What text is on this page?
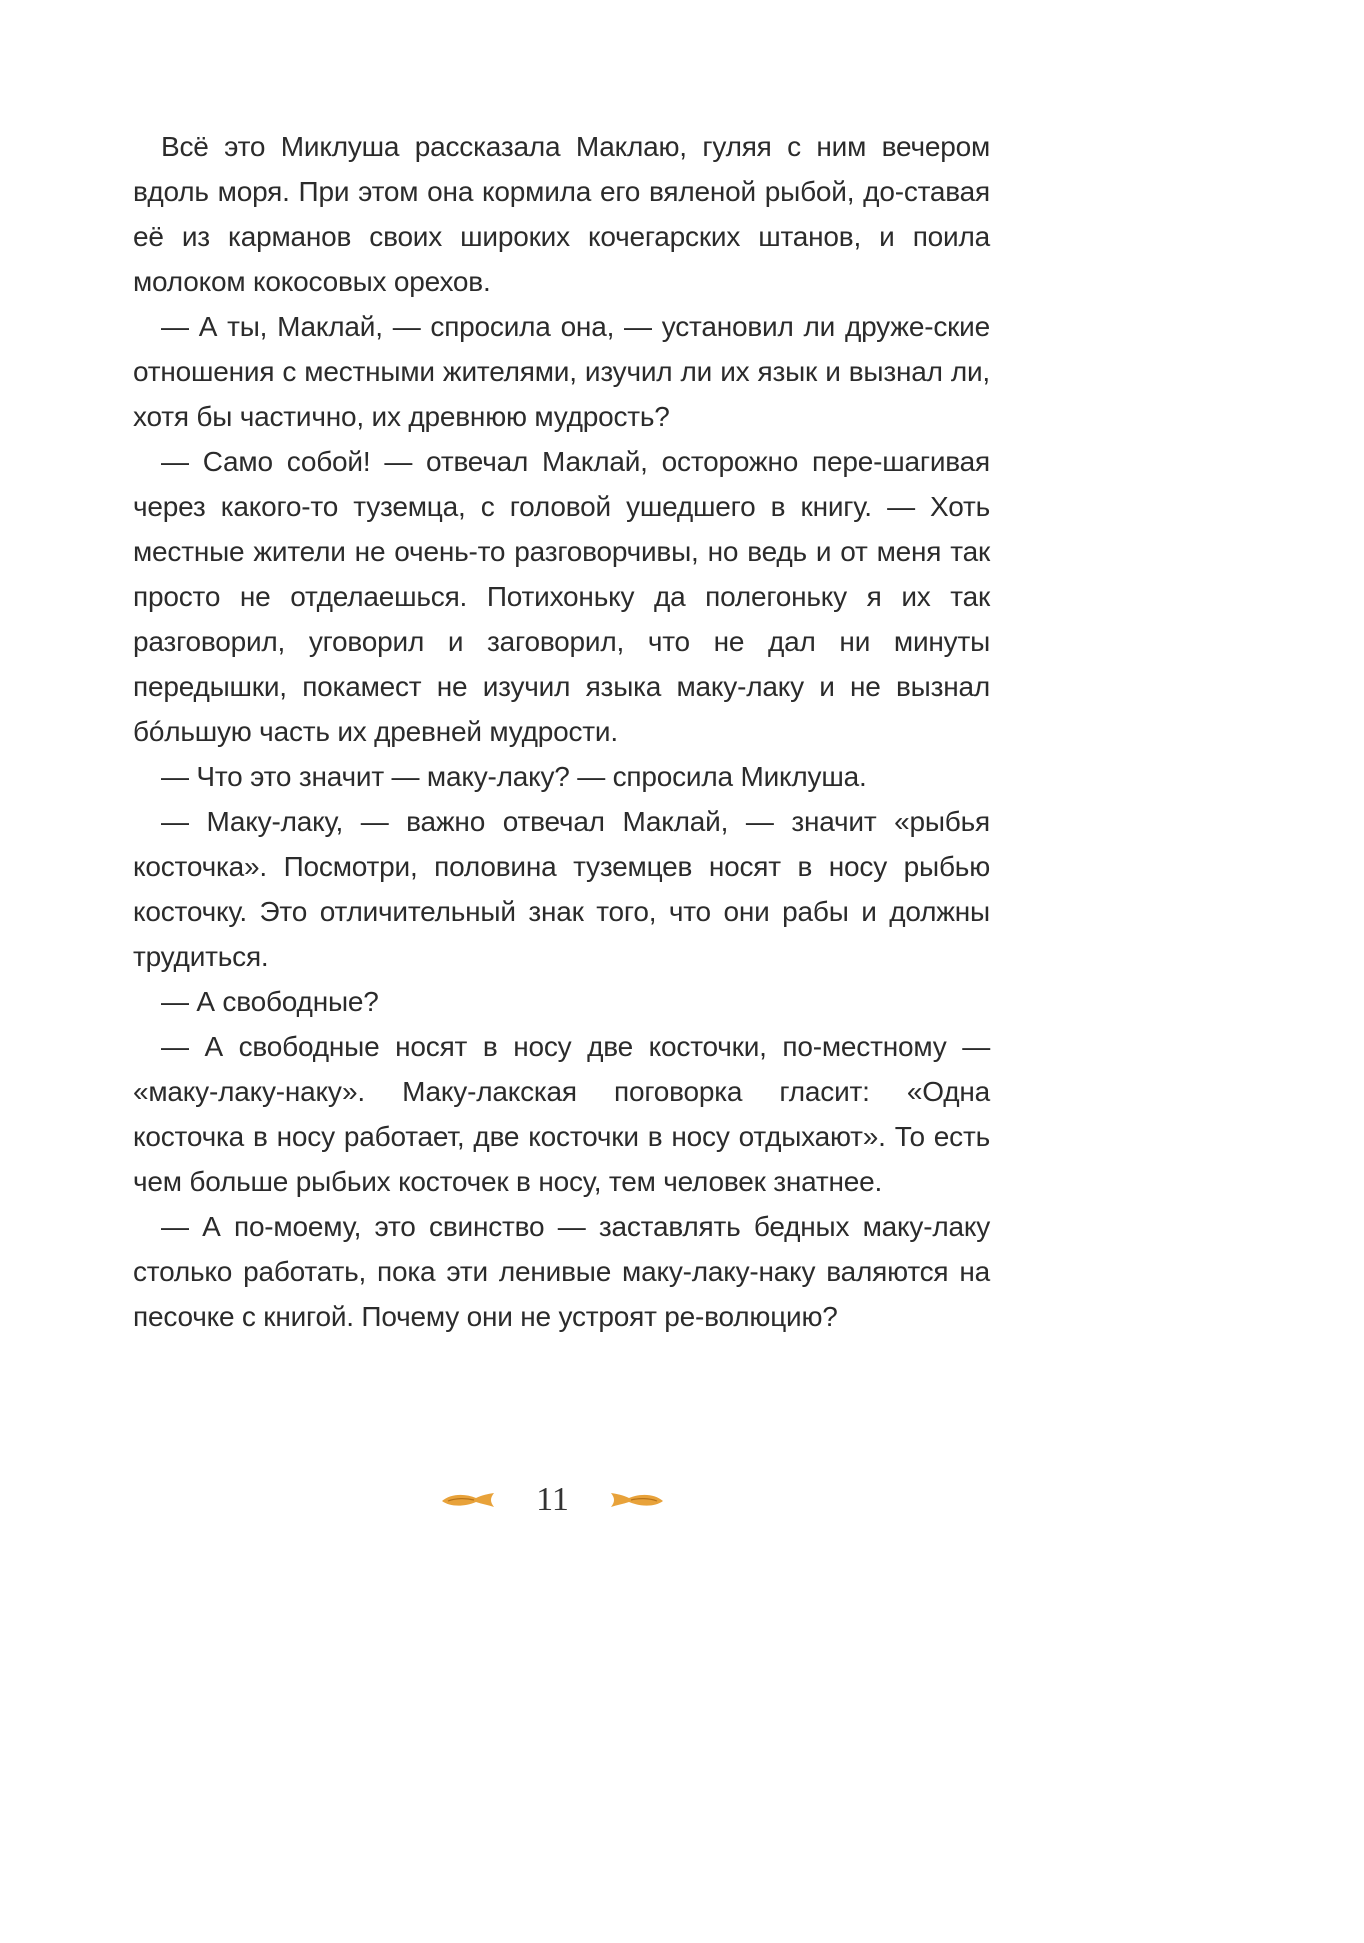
Всё это Миклуша рассказала Маклаю, гуляя с ним вечером вдоль моря. При этом она кормила его вяленой рыбой, до-ставая её из карманов своих широких кочегарских штанов, и поила молоком кокосовых орехов.

— А ты, Маклай, — спросила она, — установил ли друже-ские отношения с местными жителями, изучил ли их язык и вызнал ли, хотя бы частично, их древнюю мудрость?

— Само собой! — отвечал Маклай, осторожно пере-шагивая через какого-то туземца, с головой ушедшего в книгу. — Хоть местные жители не очень-то разговорчивы, но ведь и от меня так просто не отделаешься. Потихоньку да полегоньку я их так разговорил, уговорил и заговорил, что не дал ни минуты передышки, покамест не изучил языка маку-лаку и не вызнал бóльшую часть их древней мудрости.

— Что это значит — маку-лаку? — спросила Миклуша.

— Маку-лаку, — важно отвечал Маклай, — значит «рыбья косточка». Посмотри, половина туземцев носят в носу рыбью косточку. Это отличительный знак того, что они рабы и должны трудиться.

— А свободные?

— А свободные носят в носу две косточки, по-местному — «маку-лаку-наку». Маку-лакская поговорка гласит: «Одна косточка в носу работает, две косточки в носу отдыхают». То есть чем больше рыбьих косточек в носу, тем человек знатнее.

— А по-моему, это свинство — заставлять бедных маку-лаку столько работать, пока эти ленивые маку-лаку-наку валяются на песочке с книгой. Почему они не устроят ре-волюцию?

11
